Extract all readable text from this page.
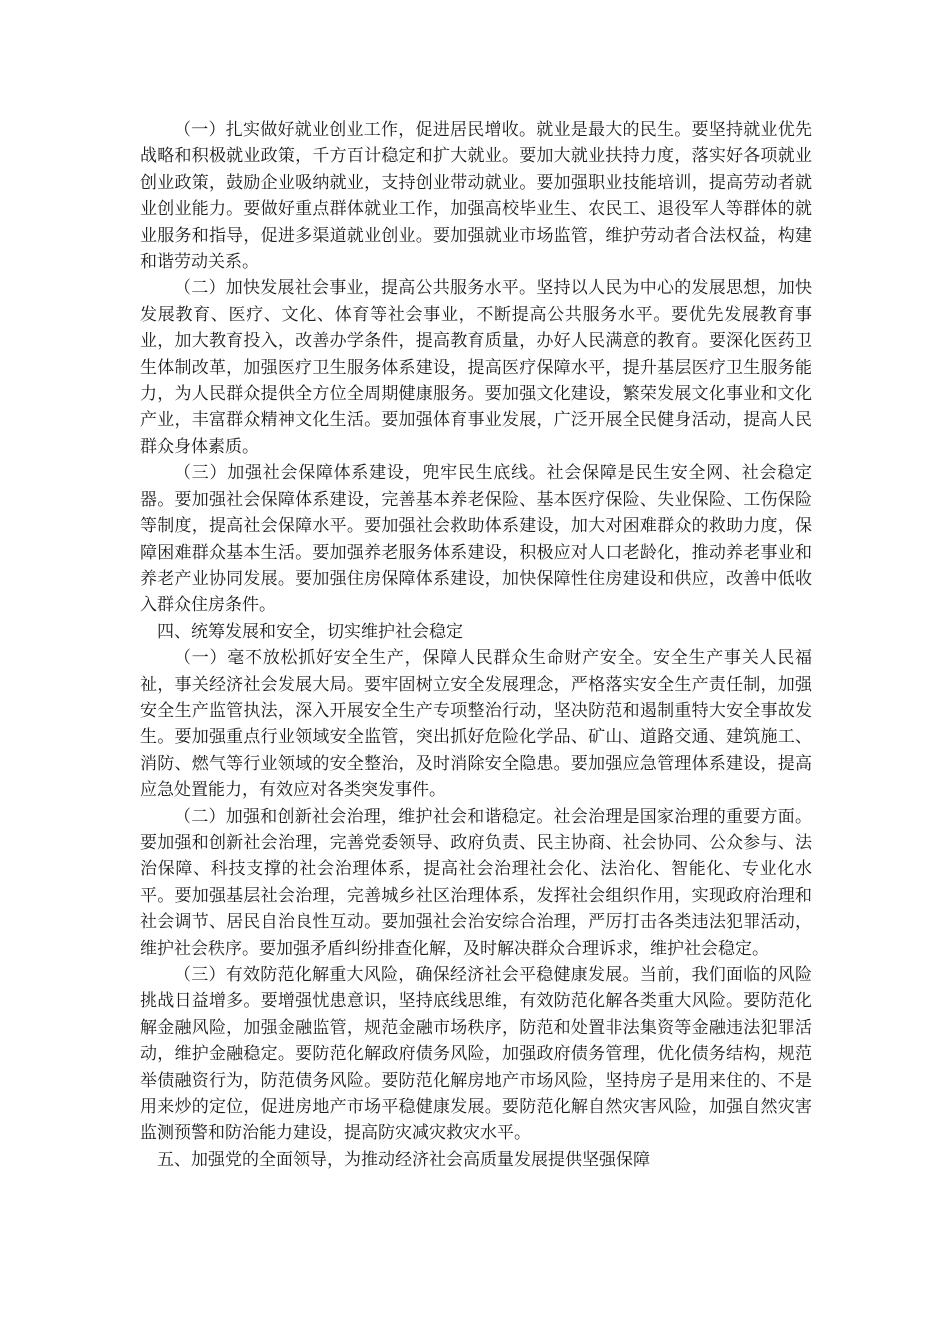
（一）扎实做好就业创业工作，促进居民增收。就业是最大的民生。要坚持就业优先战略和积极就业政策，千方百计稳定和扩大就业。要加大就业扶持力度，落实好各项就业创业政策，鼓励企业吸纳就业，支持创业带动就业。要加强职业技能培训，提高劳动者就业创业能力。要做好重点群体就业工作，加强高校毕业生、农民工、退役军人等群体的就业服务和指导，促进多渠道就业创业。要加强就业市场监管，维护劳动者合法权益，构建和谐劳动关系。

（二）加快发展社会事业，提高公共服务水平。坚持以人民为中心的发展思想，加快发展教育、医疗、文化、体育等社会事业，不断提高公共服务水平。要优先发展教育事业，加大教育投入，改善办学条件，提高教育质量，办好人民满意的教育。要深化医药卫生体制改革，加强医疗卫生服务体系建设，提高医疗保障水平，提升基层医疗卫生服务能力，为人民群众提供全方位全周期健康服务。要加强文化建设，繁荣发展文化事业和文化产业，丰富群众精神文化生活。要加强体育事业发展，广泛开展全民健身活动，提高人民群众身体素质。

（三）加强社会保障体系建设，兜牢民生底线。社会保障是民生安全网、社会稳定器。要加强社会保障体系建设，完善基本养老保险、基本医疗保险、失业保险、工伤保险等制度，提高社会保障水平。要加强社会救助体系建设，加大对困难群众的救助力度，保障困难群众基本生活。要加强养老服务体系建设，积极应对人口老龄化，推动养老事业和养老产业协同发展。要加强住房保障体系建设，加快保障性住房建设和供应，改善中低收入群众住房条件。

四、统筹发展和安全，切实维护社会稳定

（一）毫不放松抓好安全生产，保障人民群众生命财产安全。安全生产事关人民福祉，事关经济社会发展大局。要牢固树立安全发展理念，严格落实安全生产责任制，加强安全生产监管执法，深入开展安全生产专项整治行动，坚决防范和遏制重特大安全事故发生。要加强重点行业领域安全监管，突出抓好危险化学品、矿山、道路交通、建筑施工、消防、燃气等行业领域的安全整治，及时消除安全隐患。要加强应急管理体系建设，提高应急处置能力，有效应对各类突发事件。

（二）加强和创新社会治理，维护社会和谐稳定。社会治理是国家治理的重要方面。要加强和创新社会治理，完善党委领导、政府负责、民主协商、社会协同、公众参与、法治保障、科技支撑的社会治理体系，提高社会治理社会化、法治化、智能化、专业化水平。要加强基层社会治理，完善城乡社区治理体系，发挥社会组织作用，实现政府治理和社会调节、居民自治良性互动。要加强社会治安综合治理，严厉打击各类违法犯罪活动，维护社会秩序。要加强矛盾纠纷排查化解，及时解决群众合理诉求，维护社会稳定。

（三）有效防范化解重大风险，确保经济社会平稳健康发展。当前，我们面临的风险挑战日益增多。要增强忧患意识，坚持底线思维，有效防范化解各类重大风险。要防范化解金融风险，加强金融监管，规范金融市场秩序，防范和处置非法集资等金融违法犯罪活动，维护金融稳定。要防范化解政府债务风险，加强政府债务管理，优化债务结构，规范举债融资行为，防范债务风险。要防范化解房地产市场风险，坚持房子是用来住的、不是用来炒的定位，促进房地产市场平稳健康发展。要防范化解自然灾害风险，加强自然灾害监测预警和防治能力建设，提高防灾减灾救灾水平。

五、加强党的全面领导，为推动经济社会高质量发展提供坚强保障
